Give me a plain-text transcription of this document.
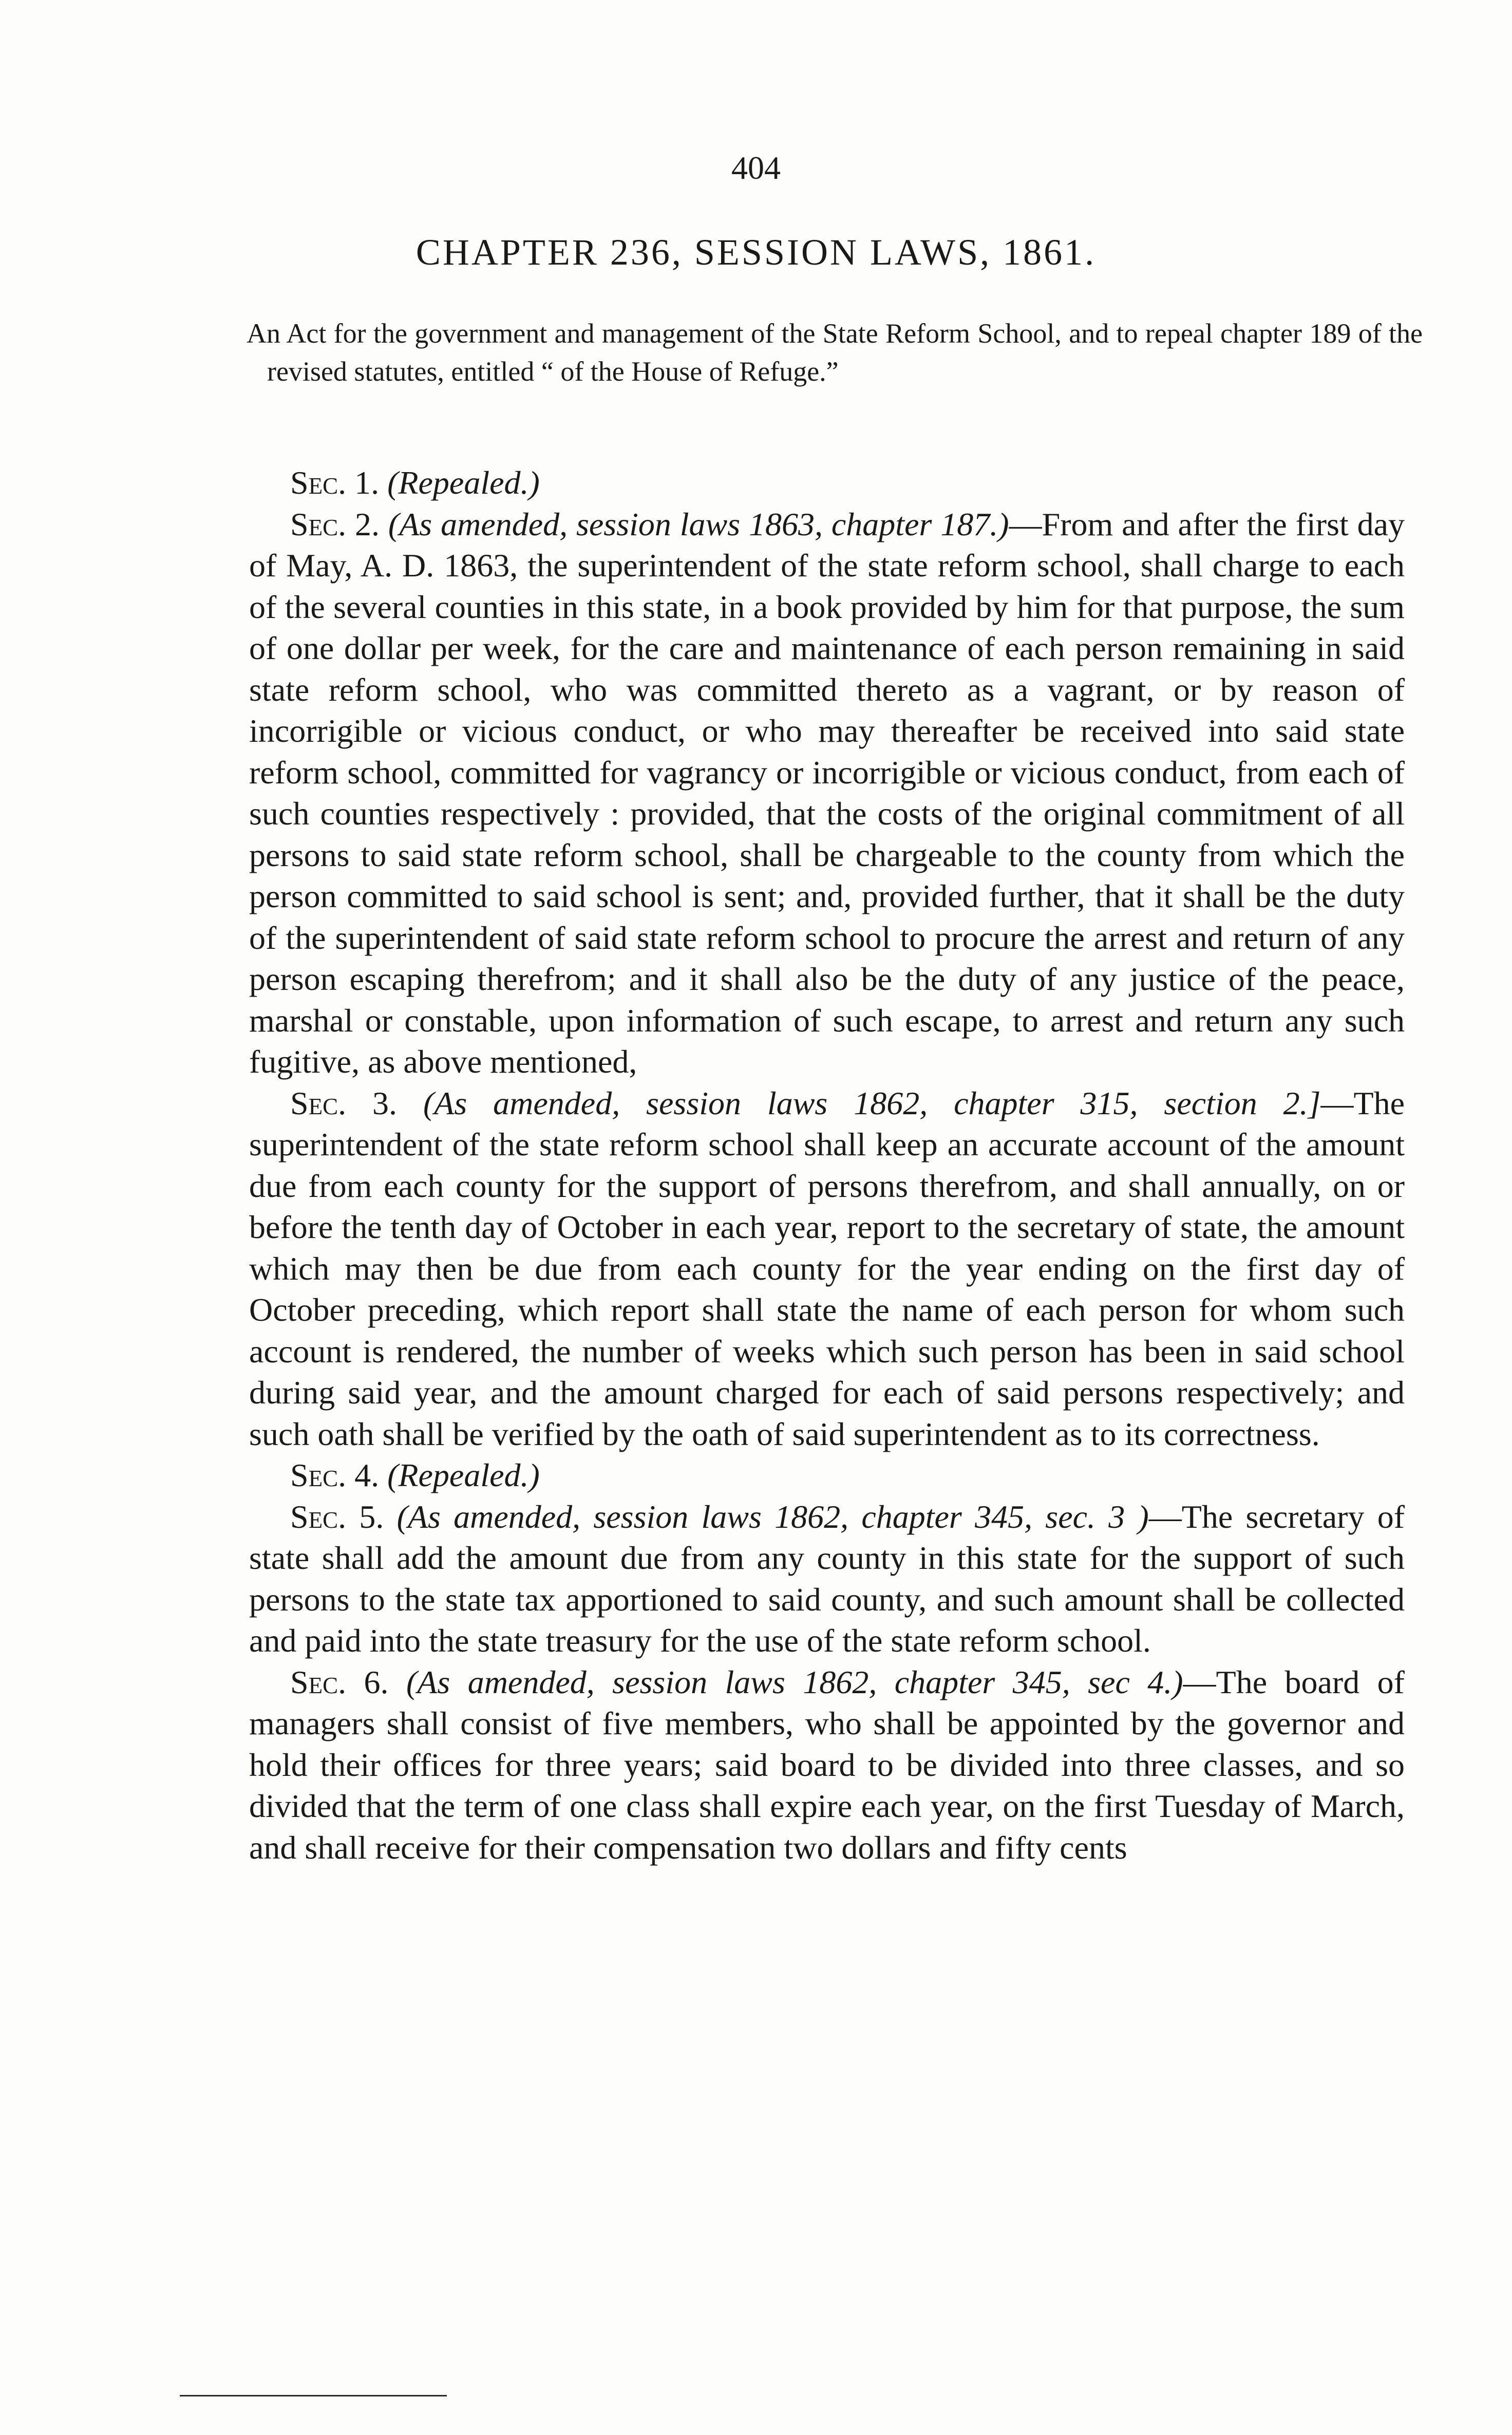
404
CHAPTER 236, SESSION LAWS, 1861.
An Act for the government and management of the State Reform School, and to repeal chapter 189 of the revised statutes, entitled “ of the House of Refuge.”

Sec. 1. (Repealed.)

Sec. 2. (As amended, session laws 1863, chapter 187.)—From and after the first day of May, A. D. 1863, the superintendent of the state reform school, shall charge to each of the several counties in this state, in a book provided by him for that purpose, the sum of one dollar per week, for the care and maintenance of each person remaining in said state reform school, who was committed thereto as a vagrant, or by reason of incorrigible or vicious conduct, or who may thereafter be received into said state reform school, committed for vagrancy or incorrigible or vicious conduct, from each of such counties respectively : provided, that the costs of the original commitment of all persons to said state reform school, shall be chargeable to the county from which the person committed to said school is sent; and, provided further, that it shall be the duty of the superintendent of said state reform school to procure the arrest and return of any person escaping therefrom; and it shall also be the duty of any justice of the peace, marshal or constable, upon information of such escape, to arrest and return any such fugitive, as above mentioned,

Sec. 3. (As amended, session laws 1862, chapter 315, section 2.]—The superintendent of the state reform school shall keep an accurate account of the amount due from each county for the support of persons therefrom, and shall annually, on or before the tenth day of October in each year, report to the secretary of state, the amount which may then be due from each county for the year ending on the first day of October preceding, which report shall state the name of each person for whom such account is rendered, the number of weeks which such person has been in said school during said year, and the amount charged for each of said persons respectively; and such oath shall be verified by the oath of said superintendent as to its correctness.

Sec. 4. (Repealed.)

Sec. 5. (As amended, session laws 1862, chapter 345, sec. 3 )—The secretary of state shall add the amount due from any county in this state for the support of such persons to the state tax apportioned to said county, and such amount shall be collected and paid into the state treasury for the use of the state reform school.

Sec. 6. (As amended, session laws 1862, chapter 345, sec 4.)—The board of managers shall consist of five members, who shall be appointed by the governor and hold their offices for three years; said board to be divided into three classes, and so divided that the term of one class shall expire each year, on the first Tuesday of March, and shall receive for their compensation two dollars and fifty cents
